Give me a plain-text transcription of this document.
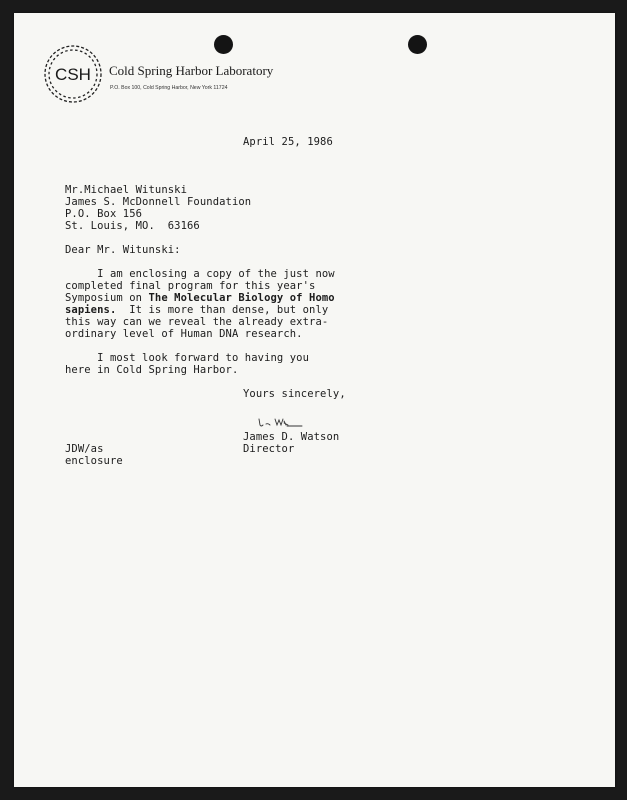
CSH Cold Spring Harbor Laboratory
P.O. Box 100, Cold Spring Harbor, New York 11724
April 25, 1986
Mr.Michael Witunski
James S. McDonnell Foundation
P.O. Box 156
St. Louis, MO.  63166
Dear Mr. Witunski:
I am enclosing a copy of the just now
completed final program for this year's
Symposium on The Molecular Biology of Homo
sapiens.  It is more than dense, but only
this way can we reveal the already extra-
ordinary level of Human DNA research.
I most look forward to having you
here in Cold Spring Harbor.
Yours sincerely,
James D. Watson
Director
JDW/as
enclosure
